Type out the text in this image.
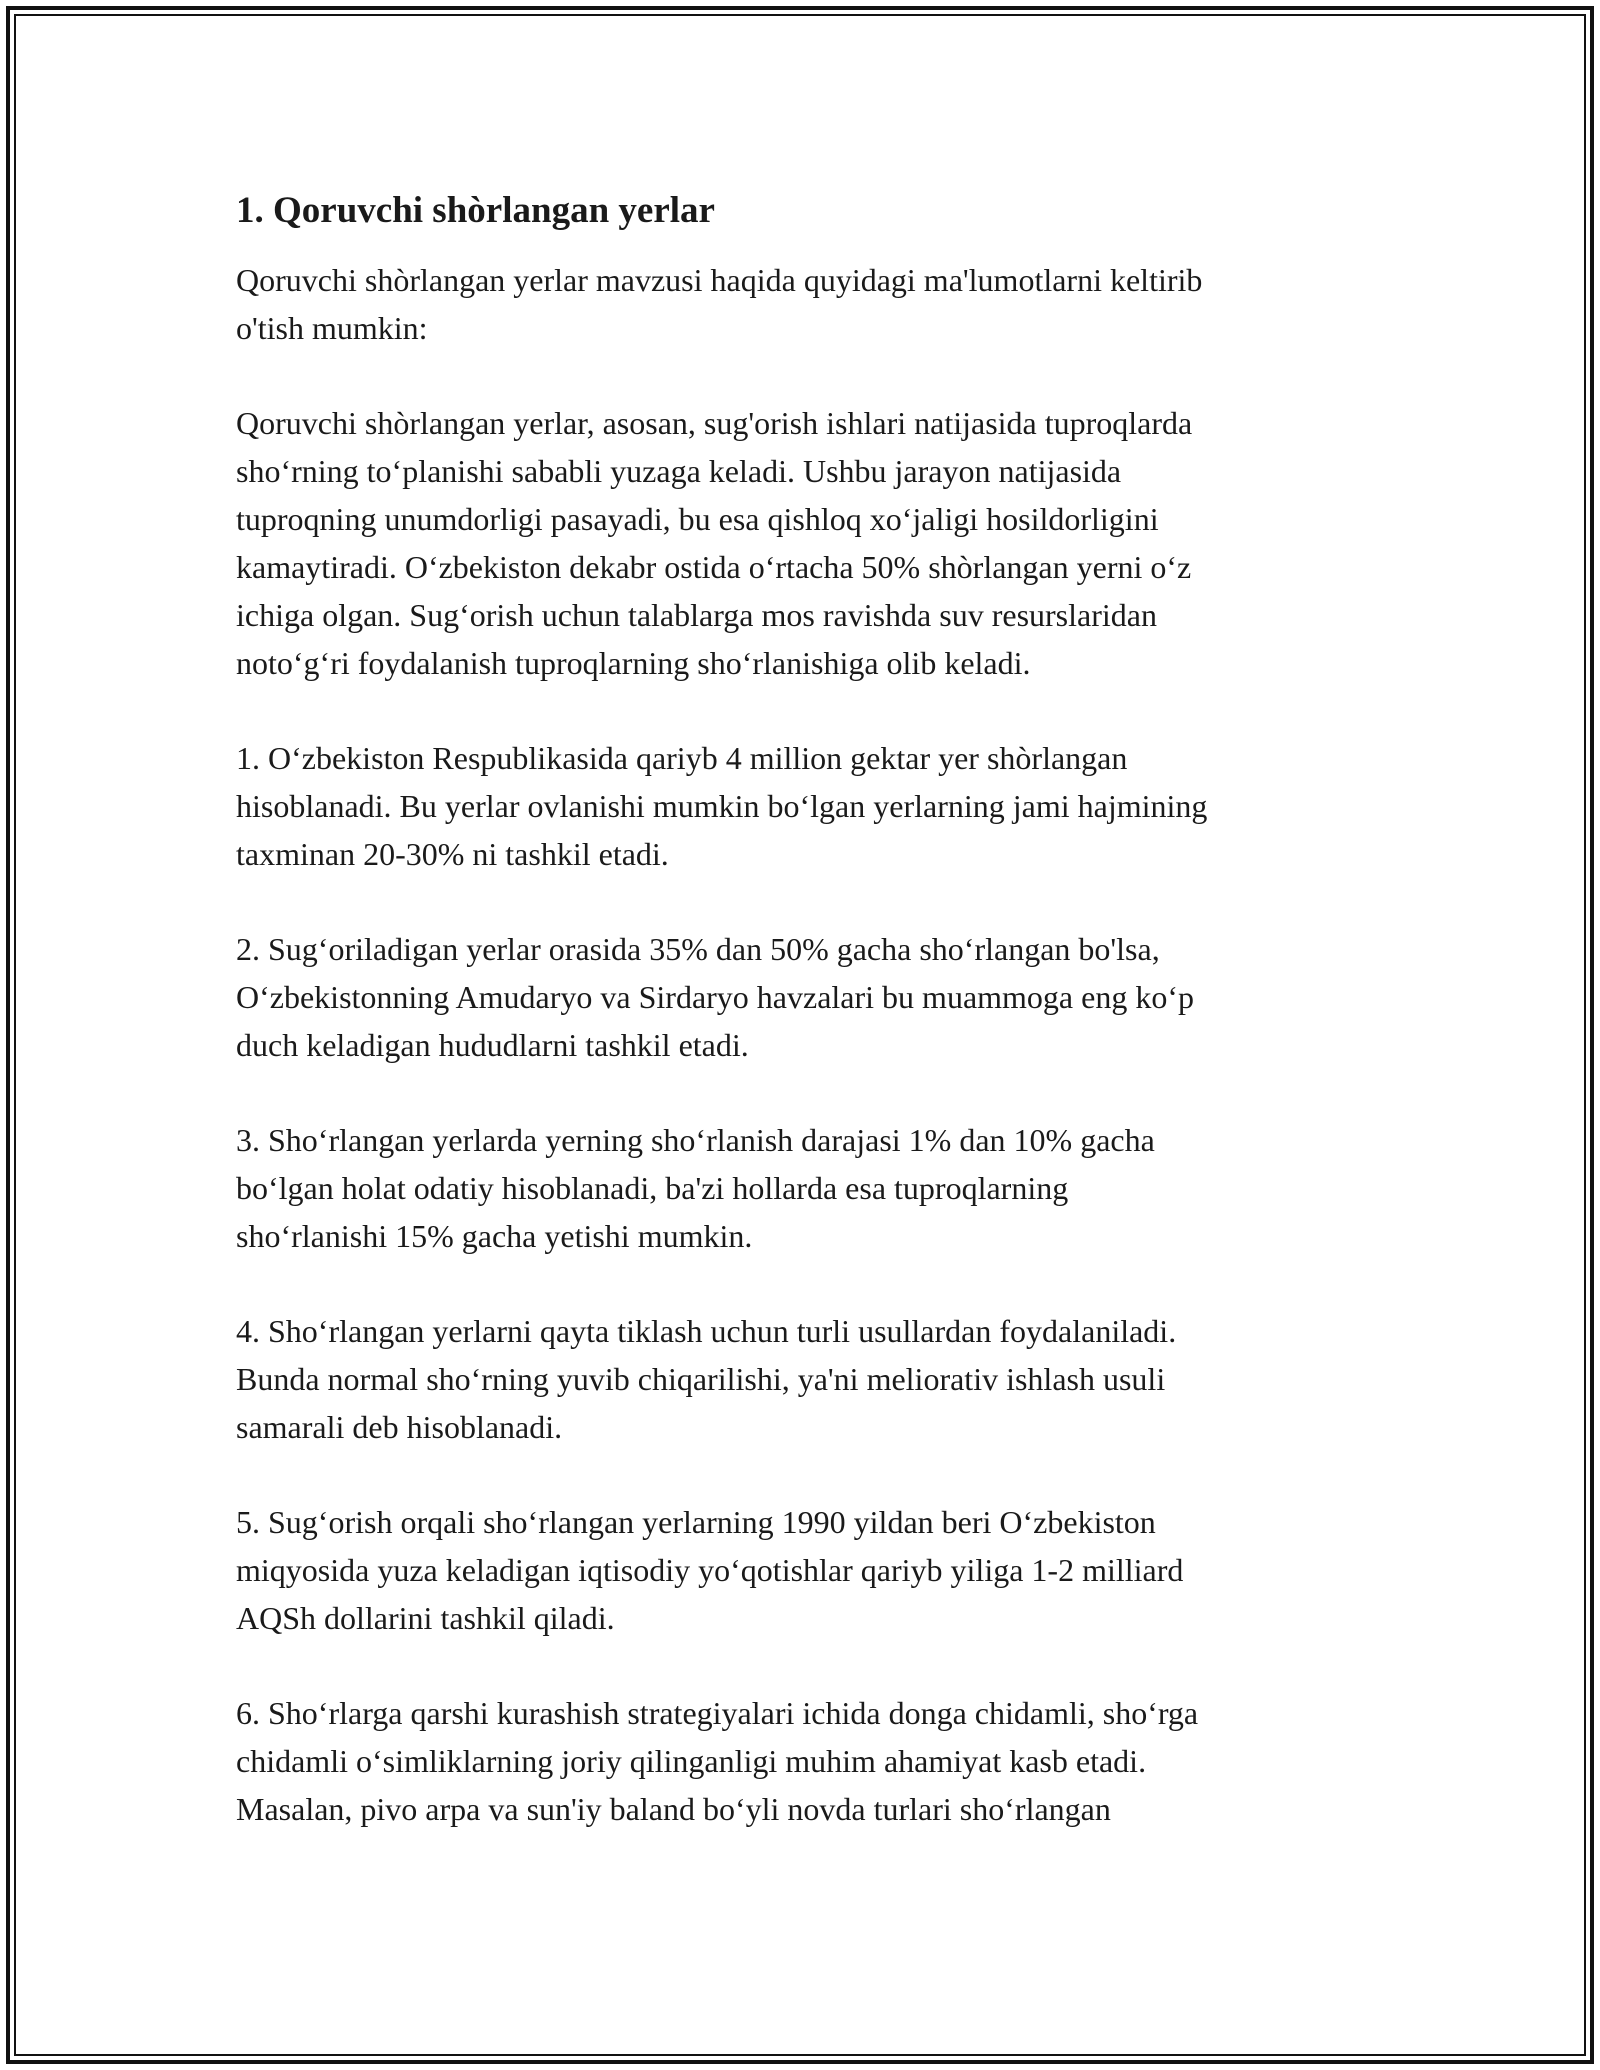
1. Qoruvchi shòrlangan yerlar

Qoruvchi shòrlangan yerlar mavzusi haqida quyidagi ma'lumotlarni keltirib
o'tish mumkin:

Qoruvchi shòrlangan yerlar, asosan, sug'orish ishlari natijasida tuproqlarda
sho‘rning to‘planishi sababli yuzaga keladi. Ushbu jarayon natijasida
tuproqning unumdorligi pasayadi, bu esa qishloq xo‘jaligi hosildorligini
kamaytiradi. O‘zbekiston dekabr ostida o‘rtacha 50% shòrlangan yerni o‘z
ichiga olgan. Sug‘orish uchun talablarga mos ravishda suv resurslaridan
noto‘g‘ri foydalanish tuproqlarning sho‘rlanishiga olib keladi.

1. O‘zbekiston Respublikasida qariyb 4 million gektar yer shòrlangan
hisoblanadi. Bu yerlar ovlanishi mumkin bo‘lgan yerlarning jami hajmining
taxminan 20-30% ni tashkil etadi.

2. Sug‘oriladigan yerlar orasida 35% dan 50% gacha sho‘rlangan bo'lsa,
O‘zbekistonning Amudaryo va Sirdaryo havzalari bu muammoga eng ko‘p
duch keladigan hududlarni tashkil etadi.

3. Sho‘rlangan yerlarda yerning sho‘rlanish darajasi 1% dan 10% gacha
bo‘lgan holat odatiy hisoblanadi, ba'zi hollarda esa tuproqlarning
sho‘rlanishi 15% gacha yetishi mumkin.

4. Sho‘rlangan yerlarni qayta tiklash uchun turli usullardan foydalaniladi.
Bunda normal sho‘rning yuvib chiqarilishi, ya'ni meliorativ ishlash usuli
samarali deb hisoblanadi.

5. Sug‘orish orqali sho‘rlangan yerlarning 1990 yildan beri O‘zbekiston
miqyosida yuza keladigan iqtisodiy yo‘qotishlar qariyb yiliga 1-2 milliard
AQSh dollarini tashkil qiladi.

6. Sho‘rlarga qarshi kurashish strategiyalari ichida donga chidamli, sho‘rga
chidamli o‘simliklarning joriy qilinganligi muhim ahamiyat kasb etadi.
Masalan, pivo arpa va sun'iy baland bo‘yli novda turlari sho‘rlangan
